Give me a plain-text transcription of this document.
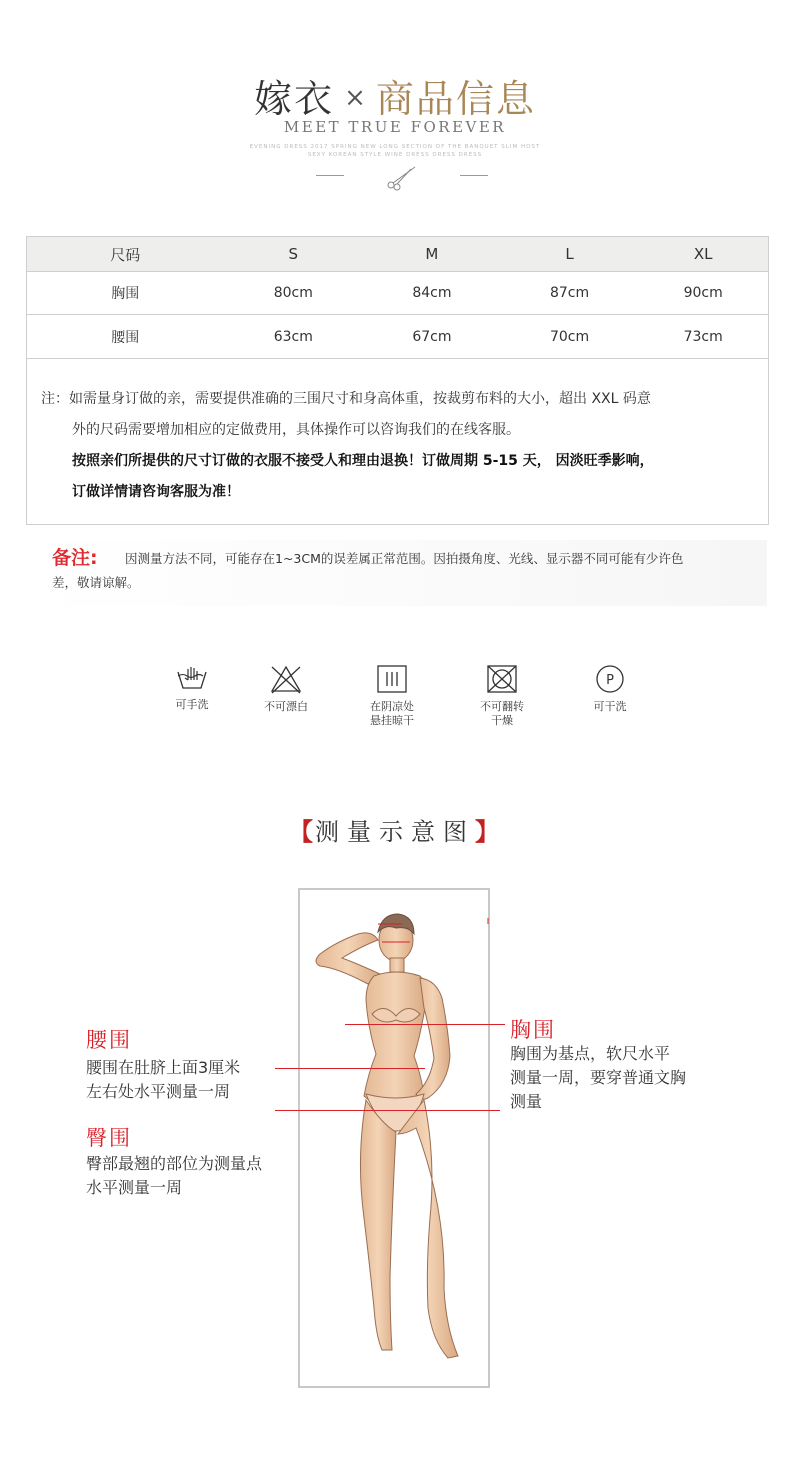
嫁衣 × 商品信息
MEET TRUE FOREVER
EVENING DRESS 2017 SPRING NEW LONG SECTION OF THE BANQUET SLIM HOST
SEXY KOREAN STYLE WINE DRESS DRESS DRESS
尺码	S	M	L	XL
胸围	80cm	84cm	87cm	90cm
腰围	63cm	67cm	70cm	73cm

注：如需量身订做的亲，需要提供准确的三围尺寸和身高体重，按裁剪布料的大小，超出 XXL 码意

外的尺码需要增加相应的定做费用，具体操作可以咨询我们的在线客服。

按照亲们所提供的尺寸订做的衣服不接受人和理由退换！订做周期 5-15 天， 因淡旺季影响，

订做详情请咨询客服为准！

备注: 因测量方法不同，可能存在1~3CM的误差属正常范围。因拍摄角度、光线、显示器不同可能有少许色
差，敬请谅解。
可手洗	不可漂白	在阴凉处
悬挂晾干
不可翻转
干燥
P
可干洗
【测量示意图】
腰围
腰围在肚脐上面3厘米
左右处水平测量一周
臀围
臀部最翘的部位为测量点
水平测量一周
胸围
胸围为基点，软尺水平
测量一周，要穿普通文胸
测量
